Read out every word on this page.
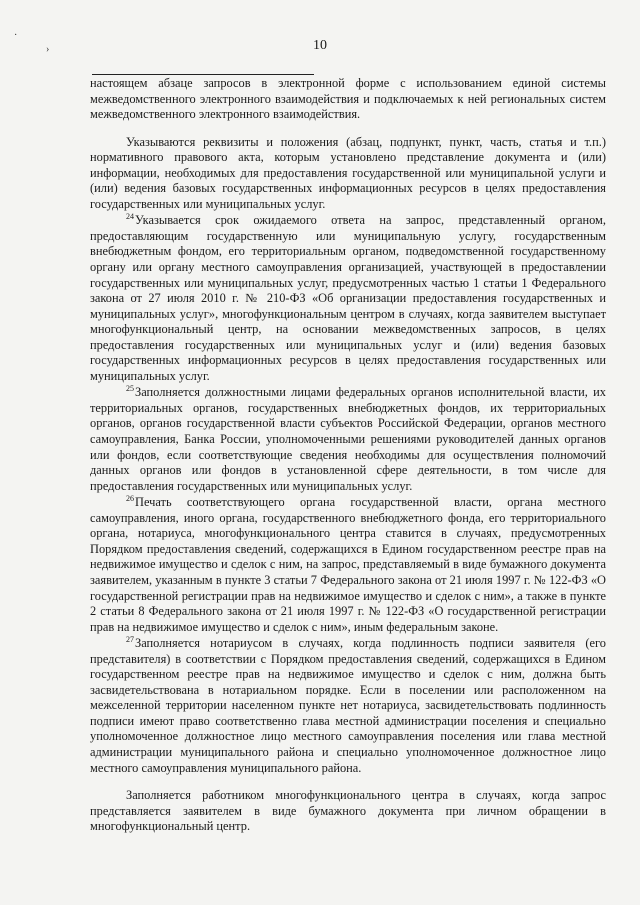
10
·
›

настоящем абзаце запросов в электронной форме с использованием единой системы межведомственного электронного взаимодействия и подключаемых к ней региональных систем межведомственного электронного взаимодействия.

Указываются реквизиты и положения (абзац, подпункт, пункт, часть, статья и т.п.) нормативного правового акта, которым установлено представление документа и (или) информации, необходимых для предоставления государственной или муниципальной услуги и (или) ведения базовых государственных информационных ресурсов в целях предоставления государственных или муниципальных услуг.

$^{24}$Указывается срок ожидаемого ответа на запрос, представленный органом, предоставляющим государственную или муниципальную услугу, государственным внебюджетным фондом, его территориальным органом, подведомственной государственному органу или органу местного самоуправления организацией, участвующей в предоставлении государственных или муниципальных услуг, предусмотренных частью 1 статьи 1 Федерального закона от 27 июля 2010 г. № 210-ФЗ «Об организации предоставления государственных и муниципальных услуг», многофункциональным центром в случаях, когда заявителем выступает многофункциональный центр, на основании межведомственных запросов, в целях предоставления государственных или муниципальных услуг и (или) ведения базовых государственных информационных ресурсов в целях предоставления государственных или муниципальных услуг.

$^{25}$Заполняется должностными лицами федеральных органов исполнительной власти, их территориальных органов, государственных внебюджетных фондов, их территориальных органов, органов государственной власти субъектов Российской Федерации, органов местного самоуправления, Банка России, уполномоченными решениями руководителей данных органов или фондов, если соответствующие сведения необходимы для осуществления полномочий данных органов или фондов в установленной сфере деятельности, в том числе для предоставления государственных или муниципальных услуг.

$^{26}$Печать соответствующего органа государственной власти, органа местного самоуправления, иного органа, государственного внебюджетного фонда, его территориального органа, нотариуса, многофункционального центра ставится в случаях, предусмотренных Порядком предоставления сведений, содержащихся в Едином государственном реестре прав на недвижимое имущество и сделок с ним, на запрос, представляемый в виде бумажного документа заявителем, указанным в пункте 3 статьи 7 Федерального закона от 21 июля 1997 г. № 122-ФЗ «О государственной регистрации прав на недвижимое имущество и сделок с ним», а также в пункте 2 статьи 8 Федерального закона от 21 июля 1997 г. № 122-ФЗ «О государственной регистрации прав на недвижимое имущество и сделок с ним», иным федеральным законе.

$^{27}$Заполняется нотариусом в случаях, когда подлинность подписи заявителя (его представителя) в соответствии с Порядком предоставления сведений, содержащихся в Едином государственном реестре прав на недвижимое имущество и сделок с ним, должна быть засвидетельствована в нотариальном порядке. Если в поселении или расположенном на межселенной территории населенном пункте нет нотариуса, засвидетельствовать подлинность подписи имеют право соответственно глава местной администрации поселения и специально уполномоченное должностное лицо местного самоуправления поселения или глава местной администрации муниципального района и специально уполномоченное должностное лицо местного самоуправления муниципального района.

Заполняется работником многофункционального центра в случаях, когда запрос представляется заявителем в виде бумажного документа при личном обращении в многофункциональный центр.
